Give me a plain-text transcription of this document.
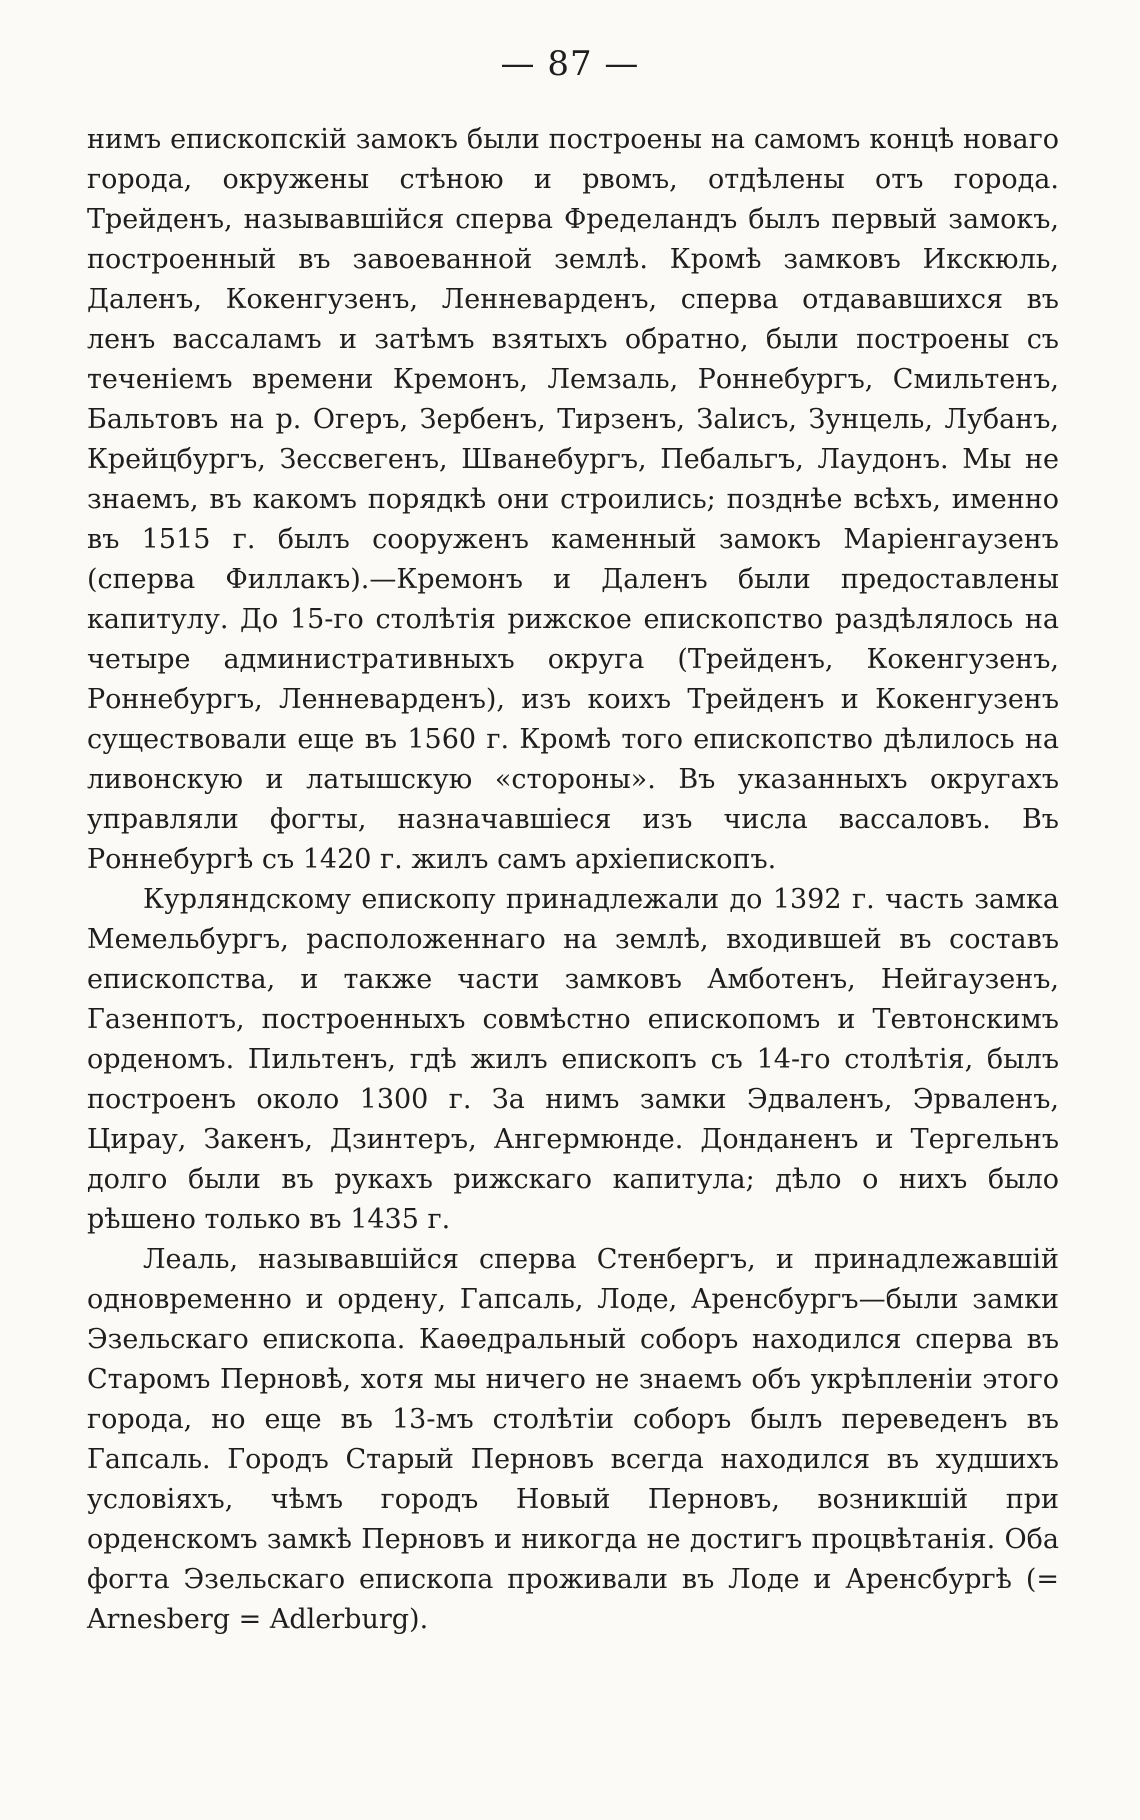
— 87 —

нимъ епископскій замокъ были построены на самомъ концѣ новаго города, окружены стѣною и рвомъ, отдѣлены отъ города. Трейденъ, называвшійся сперва Фределандъ былъ первый замокъ, построенный въ завоеванной землѣ. Кромѣ замковъ Икскюль, Даленъ, Кокенгузенъ, Ленневарденъ, сперва отдававшихся въ ленъ вассаламъ и затѣмъ взятыхъ обратно, были построены съ теченіемъ времени Кремонъ, Лемзаль, Роннебургъ, Смильтенъ, Бальтовъ на р. Огеръ, Зербенъ, Тирзенъ, Зalисъ, Зунцель, Лубанъ, Крейцбургъ, Зессвегенъ, Шванебургъ, Пебальгъ, Лаудонъ. Мы не знаемъ, въ какомъ порядкѣ они строились; позднѣе всѣхъ, именно въ 1515 г. былъ сооруженъ каменный замокъ Маріенгаузенъ (сперва Филлакъ).—Кремонъ и Даленъ были предоставлены капитулу. До 15-го столѣтія рижское епископство раздѣлялось на четыре административныхъ округа (Трейденъ, Кокенгузенъ, Роннебургъ, Ленневарденъ), изъ коихъ Трейденъ и Кокенгузенъ существовали еще въ 1560 г. Кромѣ того епископство дѣлилось на ливонскую и латышскую «стороны». Въ указанныхъ округахъ управляли фогты, назначавшіеся изъ числа вассаловъ. Въ Роннебургѣ съ 1420 г. жилъ самъ архіепископъ.

Курляндскому епископу принадлежали до 1392 г. часть замка Мемельбургъ, расположеннаго на землѣ, входившей въ составъ епископства, и также части замковъ Амботенъ, Нейгаузенъ, Газенпотъ, построенныхъ совмѣстно епископомъ и Тевтонскимъ орденомъ. Пильтенъ, гдѣ жилъ епископъ съ 14-го столѣтія, былъ построенъ около 1300 г. За нимъ замки Эдваленъ, Эрваленъ, Цирау, Закенъ, Дзинтеръ, Ангермюнде. Донданенъ и Тергельнъ долго были въ рукахъ рижскаго капитула; дѣло о нихъ было рѣшено только въ 1435 г.

Леаль, называвшійся сперва Стенбергъ, и принадлежавшій одновременно и ордену, Гапсаль, Лоде, Аренсбургъ—были замки Эзельскаго епископа. Каѳедральный соборъ находился сперва въ Старомъ Перновѣ, хотя мы ничего не знаемъ объ укрѣпленіи этого города, но еще въ 13-мъ столѣтіи соборъ былъ переведенъ въ Гапсаль. Городъ Старый Перновъ всегда находился въ худшихъ условіяхъ, чѣмъ городъ Новый Перновъ, возникшій при орденскомъ замкѣ Перновъ и никогда не достигъ процвѣтанія. Оба фогта Эзельскаго епископа проживали въ Лоде и Аренсбургѣ (= Arnesberg = Adlerburg).
